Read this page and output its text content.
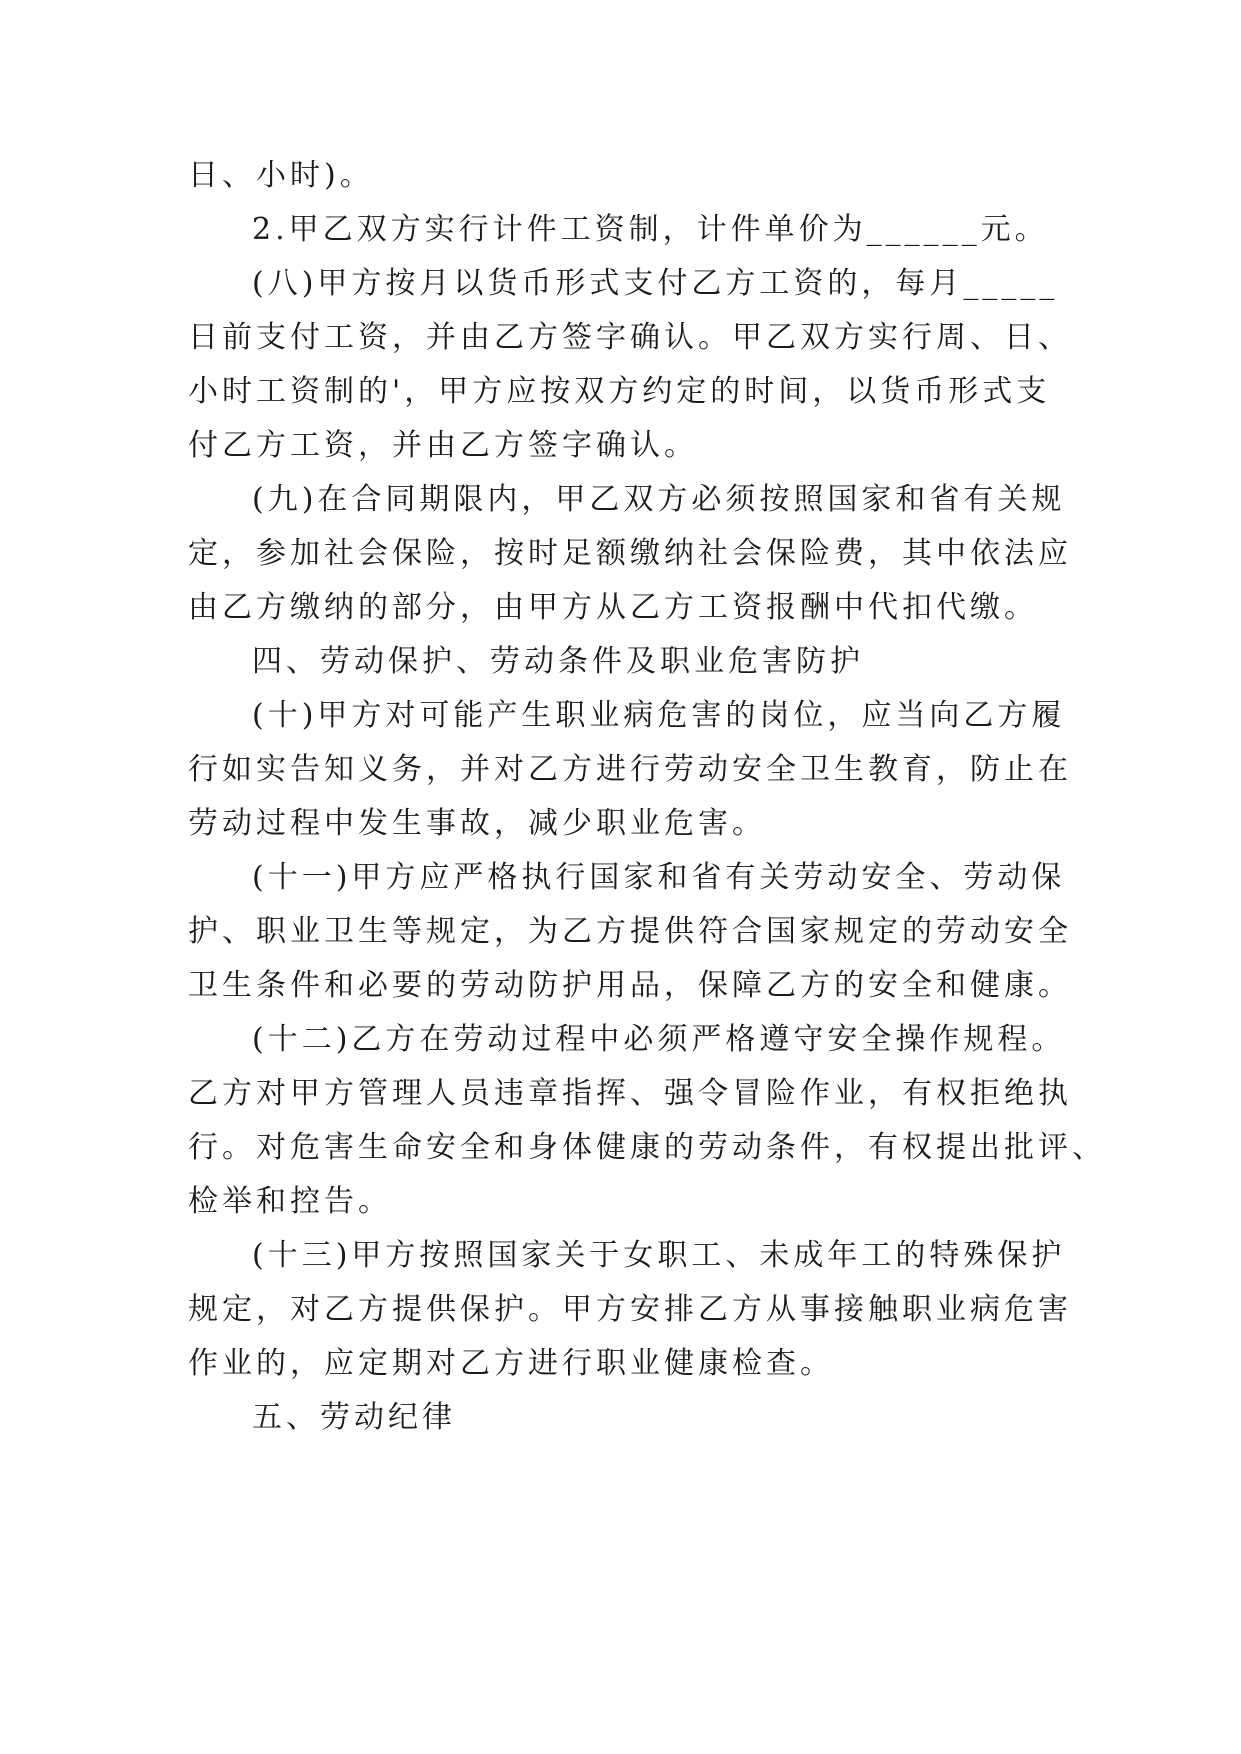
日、小时)。
2.甲乙双方实行计件工资制，计件单价为______元。
(八)甲方按月以货币形式支付乙方工资的，每月_____
日前支付工资，并由乙方签字确认。甲乙双方实行周、日、
小时工资制的'，甲方应按双方约定的时间，以货币形式支
付乙方工资，并由乙方签字确认。
(九)在合同期限内，甲乙双方必须按照国家和省有关规
定，参加社会保险，按时足额缴纳社会保险费，其中依法应
由乙方缴纳的部分，由甲方从乙方工资报酬中代扣代缴。
四、劳动保护、劳动条件及职业危害防护
(十)甲方对可能产生职业病危害的岗位，应当向乙方履
行如实告知义务，并对乙方进行劳动安全卫生教育，防止在
劳动过程中发生事故，减少职业危害。
(十一)甲方应严格执行国家和省有关劳动安全、劳动保
护、职业卫生等规定，为乙方提供符合国家规定的劳动安全
卫生条件和必要的劳动防护用品，保障乙方的安全和健康。
(十二)乙方在劳动过程中必须严格遵守安全操作规程。
乙方对甲方管理人员违章指挥、强令冒险作业，有权拒绝执
行。对危害生命安全和身体健康的劳动条件，有权提出批评、
检举和控告。
(十三)甲方按照国家关于女职工、未成年工的特殊保护
规定，对乙方提供保护。甲方安排乙方从事接触职业病危害
作业的，应定期对乙方进行职业健康检查。
五、劳动纪律
